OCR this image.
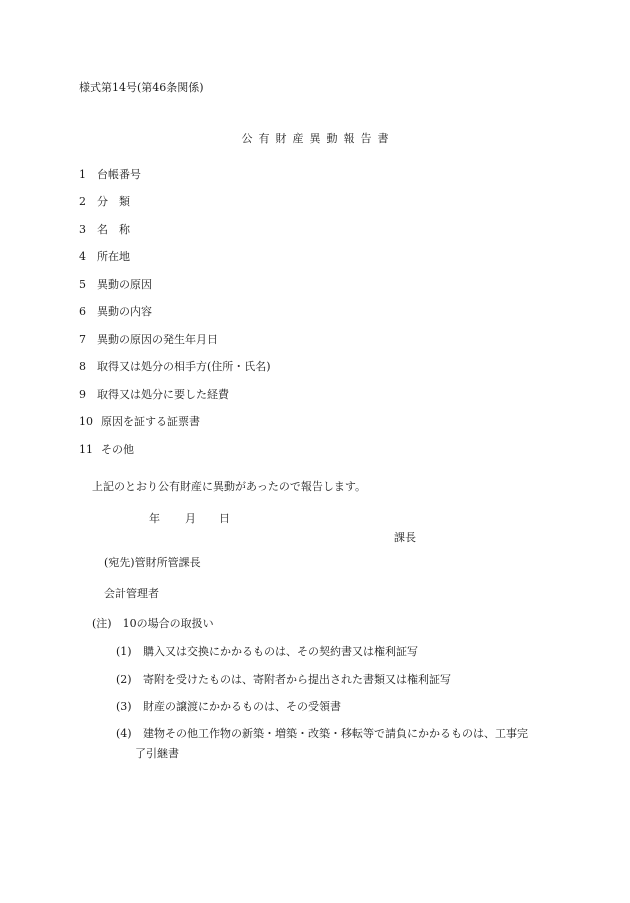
様式第14号(第46条関係)
公有財産異動報告書
1 台帳番号
2 分　類
3 名　称
4 所在地
5 異動の原因
6 異動の内容
7 異動の原因の発生年月日
8 取得又は処分の相手方(住所・氏名)
9 取得又は処分に要した経費
10 原因を証する証票書
11 その他
上記のとおり公有財産に異動があったので報告します。
年 月 日
課長
(宛先)管財所管課長
会計管理者
(注)　10の場合の取扱い
(1) 購入又は交換にかかるものは、その契約書又は権利証写
(2) 寄附を受けたものは、寄附者から提出された書類又は権利証写
(3) 財産の譲渡にかかるものは、その受領書
(4) 建物その他工作物の新築・増築・改築・移転等で請負にかかるものは、工事完
了引継書
